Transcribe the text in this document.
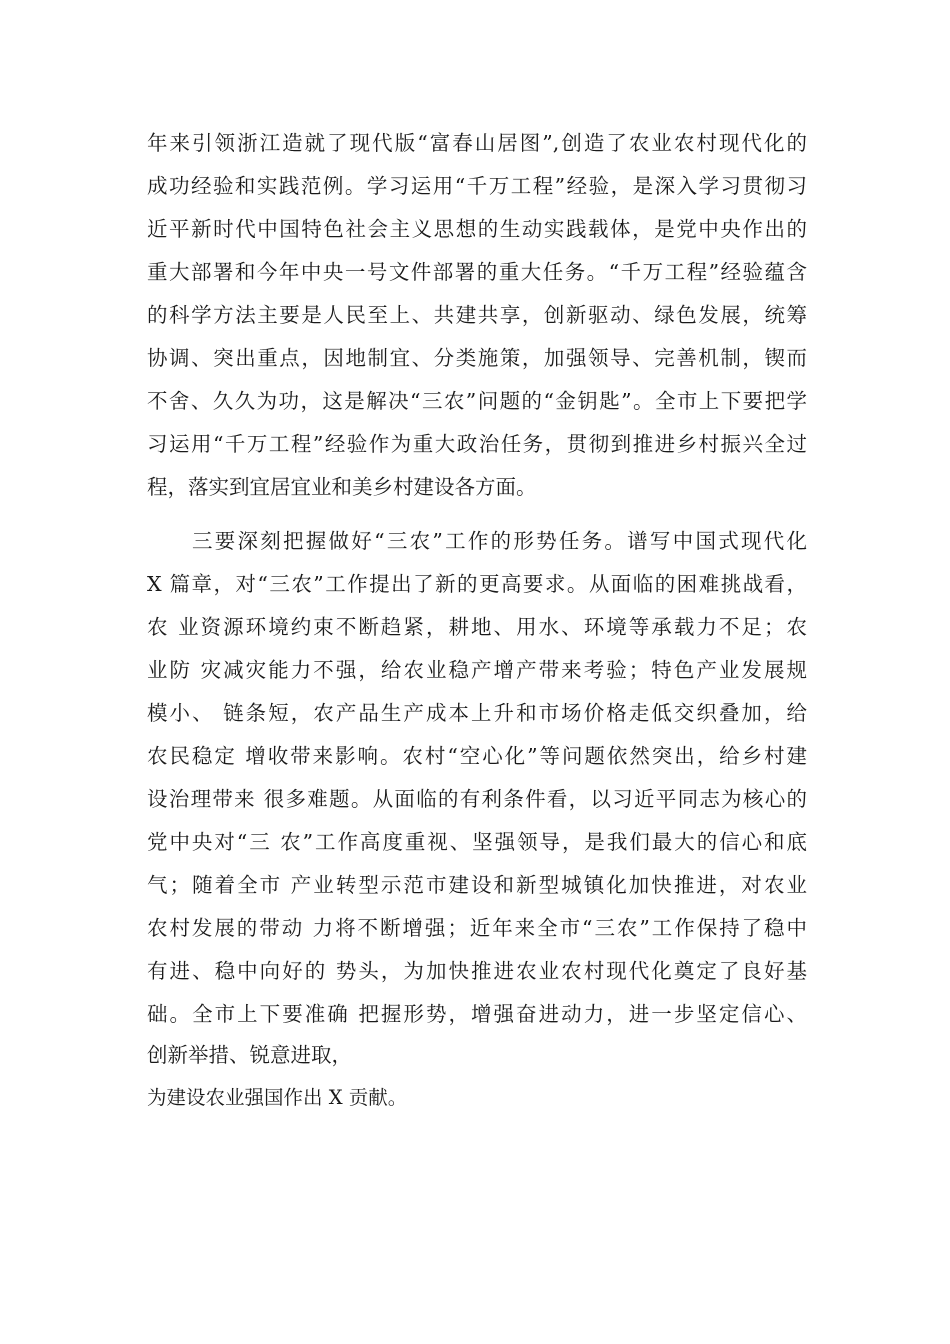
年来引领浙江造就了现代版“富春山居图”,创造了农业农村现代化的
成功经验和实践范例。学习运用“千万工程”经验，是深入学习贯彻习
近平新时代中国特色社会主义思想的生动实践载体，是党中央作出的
重大部署和今年中央一号文件部署的重大任务。“千万工程”经验蕴含
的科学方法主要是人民至上、共建共享，创新驱动、绿色发展，统筹
协调、突出重点，因地制宜、分类施策，加强领导、完善机制，锲而
不舍、久久为功，这是解决“三农”问题的“金钥匙”。全市上下要把学
习运用“千万工程”经验作为重大政治任务，贯彻到推进乡村振兴全过
程，落实到宜居宜业和美乡村建设各方面。
三要深刻把握做好“三农”工作的形势任务。谱写中国式现代化
X 篇章，对“三农”工作提出了新的更高要求。从面临的困难挑战看，
农 业资源环境约束不断趋紧，耕地、用水、环境等承载力不足；农
业防 灾减灾能力不强，给农业稳产增产带来考验；特色产业发展规
模小、 链条短，农产品生产成本上升和市场价格走低交织叠加，给
农民稳定 增收带来影响。农村“空心化”等问题依然突出，给乡村建
设治理带来 很多难题。从面临的有利条件看，以习近平同志为核心的
党中央对“三 农”工作高度重视、坚强领导，是我们最大的信心和底
气；随着全市 产业转型示范市建设和新型城镇化加快推进，对农业
农村发展的带动 力将不断增强；近年来全市“三农”工作保持了稳中
有进、稳中向好的 势头，为加快推进农业农村现代化奠定了良好基
础。全市上下要准确 把握形势，增强奋进动力，进一步坚定信心、
创新举措、锐意进取，
为建设农业强国作出 X 贡献。
